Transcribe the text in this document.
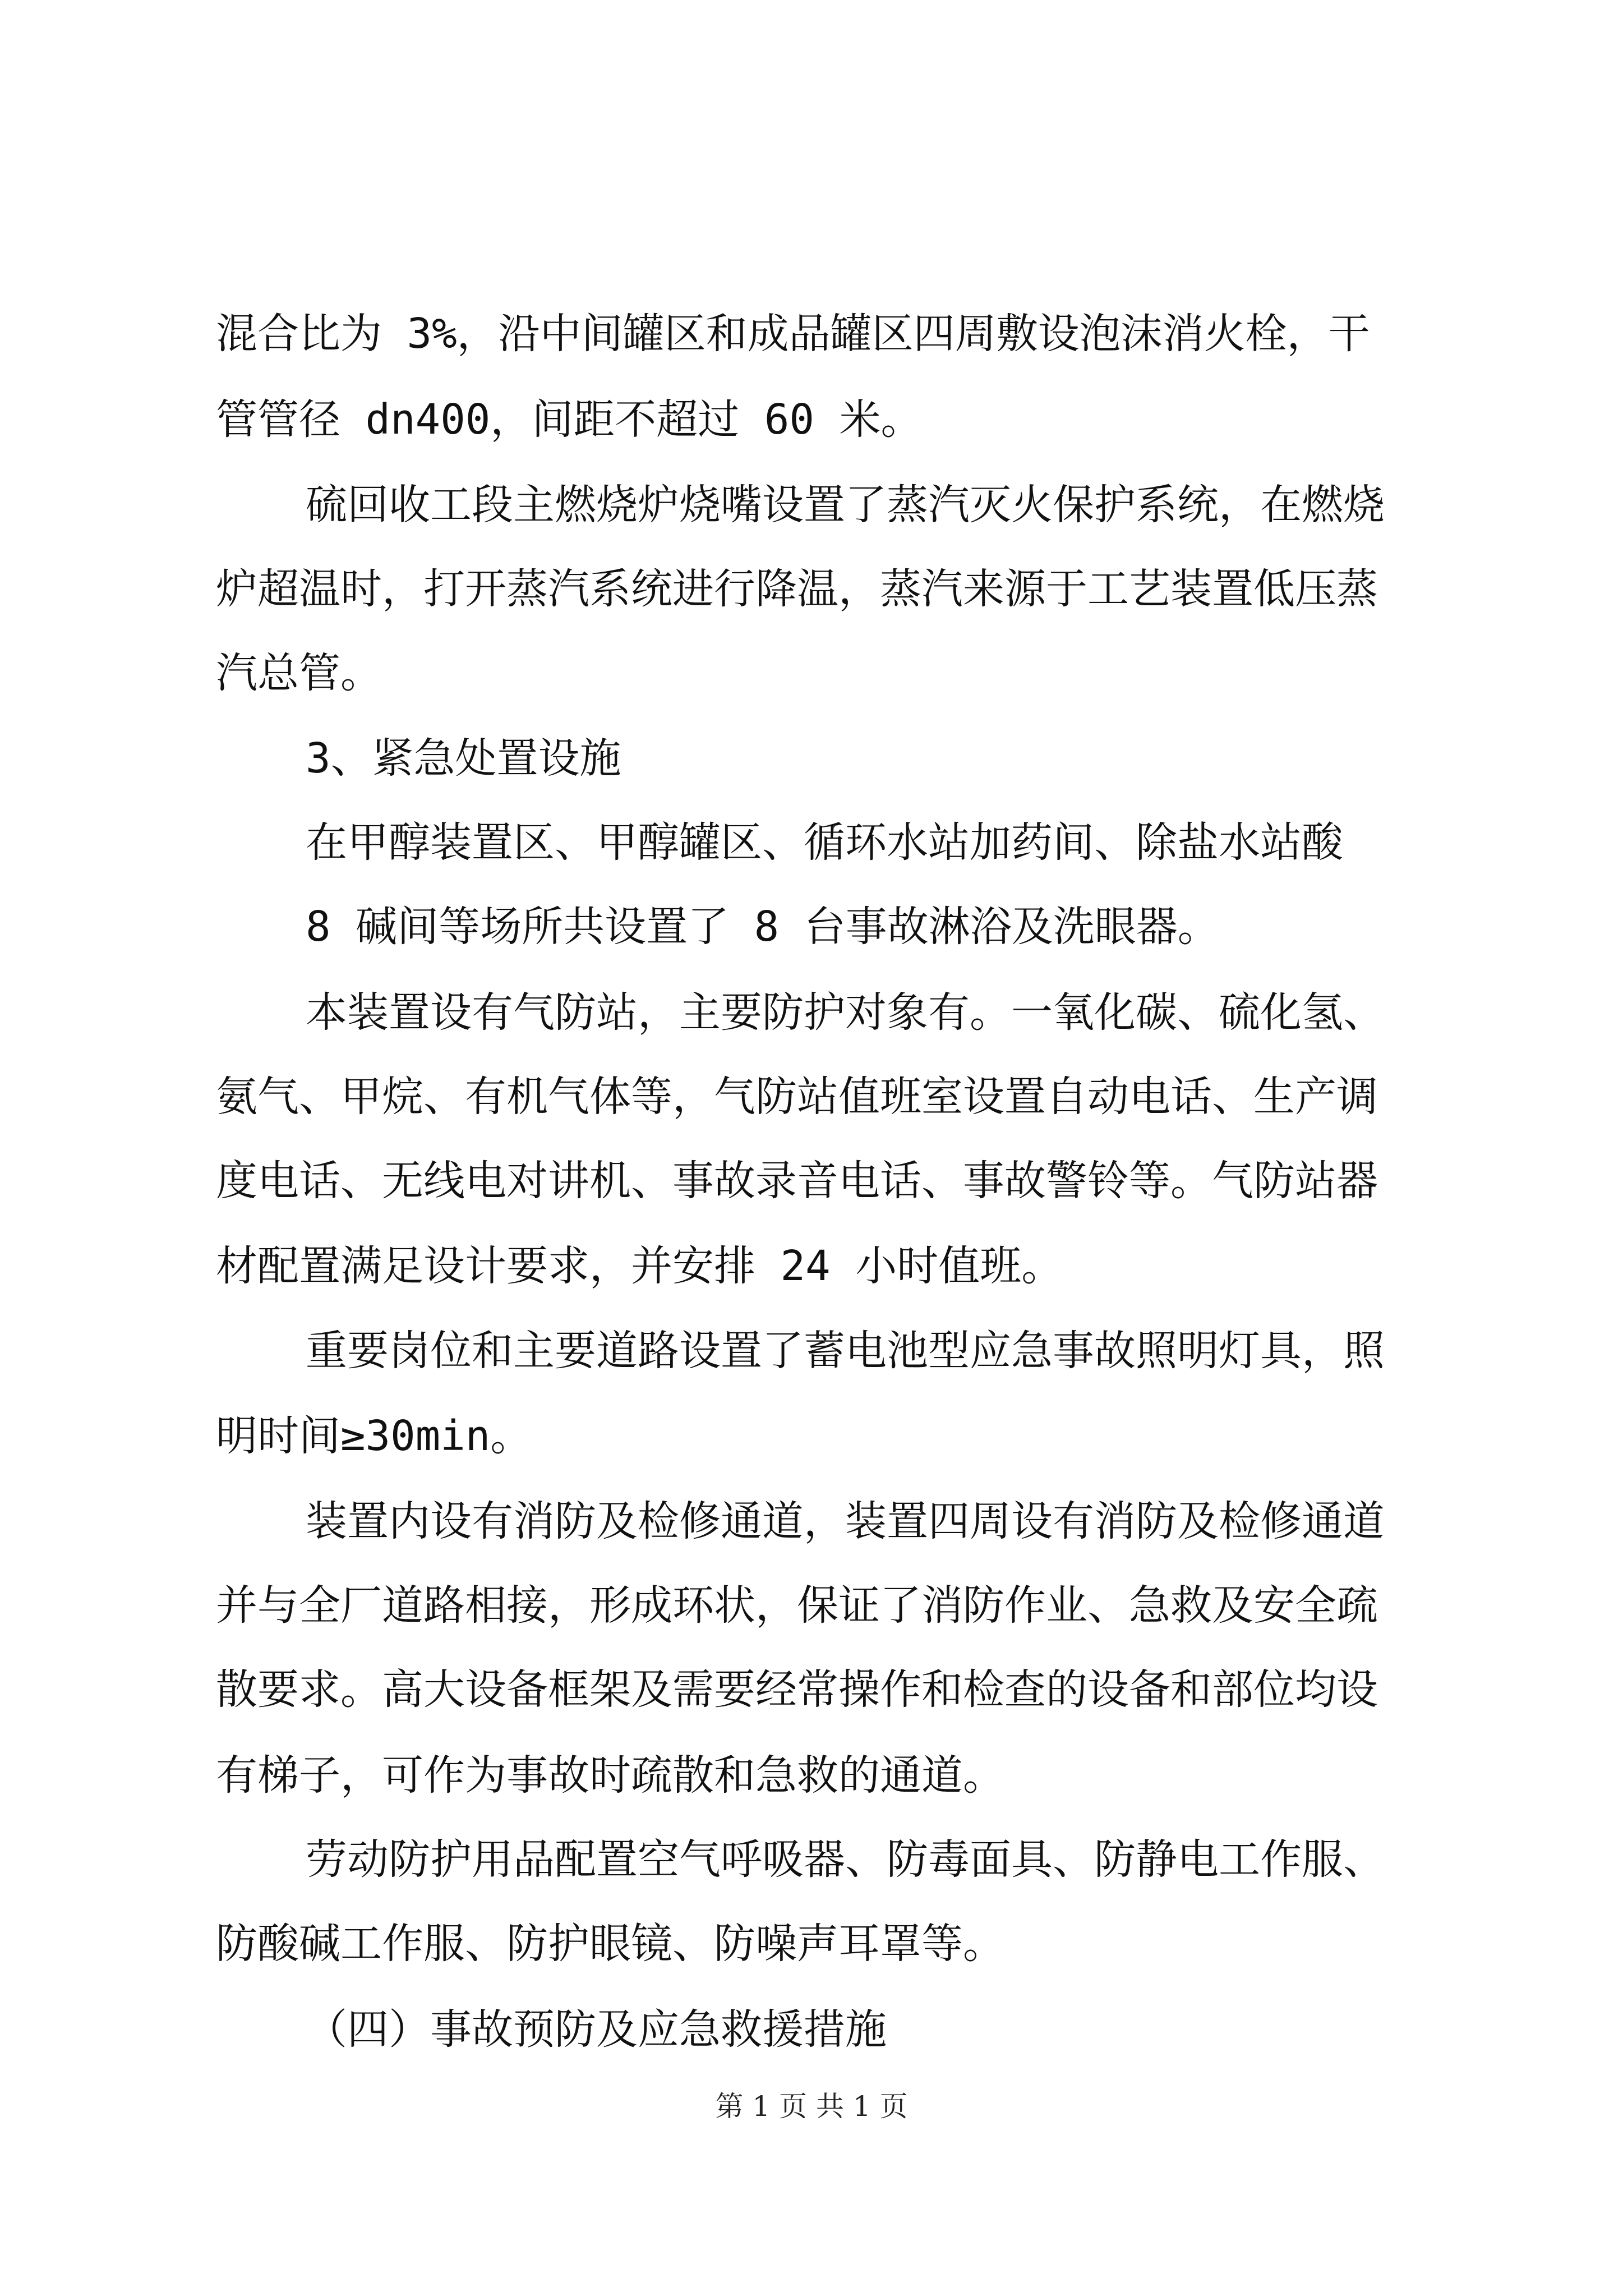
混合比为 3%，沿中间罐区和成品罐区四周敷设泡沫消火栓，干
管管径 dn400，间距不超过 60 米。
硫回收工段主燃烧炉烧嘴设置了蒸汽灭火保护系统，在燃烧
炉超温时，打开蒸汽系统进行降温，蒸汽来源于工艺装置低压蒸
汽总管。
3、紧急处置设施
在甲醇装置区、甲醇罐区、循环水站加药间、除盐水站酸
8 碱间等场所共设置了 8 台事故淋浴及洗眼器。
本装置设有气防站，主要防护对象有。一氧化碳、硫化氢、
氨气、甲烷、有机气体等，气防站值班室设置自动电话、生产调
度电话、无线电对讲机、事故录音电话、事故警铃等。气防站器
材配置满足设计要求，并安排 24 小时值班。
重要岗位和主要道路设置了蓄电池型应急事故照明灯具，照
明时间≥30min。
装置内设有消防及检修通道，装置四周设有消防及检修通道
并与全厂道路相接，形成环状，保证了消防作业、急救及安全疏
散要求。高大设备框架及需要经常操作和检查的设备和部位均设
有梯子，可作为事故时疏散和急救的通道。
劳动防护用品配置空气呼吸器、防毒面具、防静电工作服、
防酸碱工作服、防护眼镜、防噪声耳罩等。
（四）事故预防及应急救援措施
第 1 页 共 1 页
